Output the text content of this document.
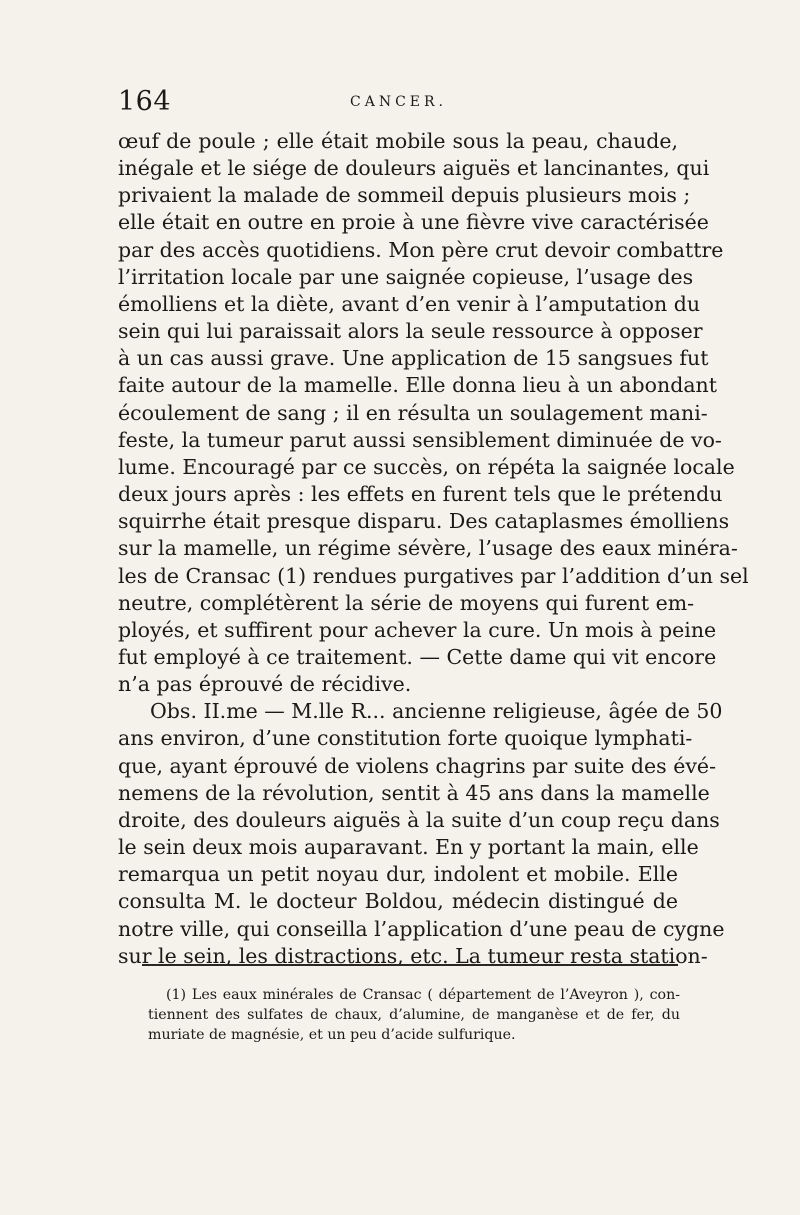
164	CANCER.
œuf de poule ; elle était mobile sous la peau, chaude,
inégale et le siége de douleurs aiguës et lancinantes, qui
privaient la malade de sommeil depuis plusieurs mois ;
elle était en outre en proie à une fièvre vive caractérisée
par des accès quotidiens. Mon père crut devoir combattre
l’irritation locale par une saignée copieuse, l’usage des
émolliens et la diète, avant d’en venir à l’amputation du
sein qui lui paraissait alors la seule ressource à opposer
à un cas aussi grave. Une application de 15 sangsues fut
faite autour de la mamelle. Elle donna lieu à un abondant
écoulement de sang ; il en résulta un soulagement mani-
feste, la tumeur parut aussi sensiblement diminuée de vo-
lume. Encouragé par ce succès, on répéta la saignée locale
deux jours après : les effets en furent tels que le prétendu
squirrhe était presque disparu. Des cataplasmes émolliens
sur la mamelle, un régime sévère, l’usage des eaux minéra-
les de Cransac (1) rendues purgatives par l’addition d’un sel
neutre, complétèrent la série de moyens qui furent em-
ployés, et suffirent pour achever la cure. Un mois à peine
fut employé à ce traitement. — Cette dame qui vit encore
n’a pas éprouvé de récidive.
Obs. II.me — M.lle R... ancienne religieuse, âgée de 50
ans environ, d’une constitution forte quoique lymphati-
que, ayant éprouvé de violens chagrins par suite des évé-
nemens de la révolution, sentit à 45 ans dans la mamelle
droite, des douleurs aiguës à la suite d’un coup reçu dans
le sein deux mois auparavant. En y portant la main, elle
remarqua un petit noyau dur, indolent et mobile. Elle
consulta M. le docteur Boldou, médecin distingué de
notre ville, qui conseilla l’application d’une peau de cygne
sur le sein, les distractions, etc. La tumeur resta station-
(1) Les eaux minérales de Cransac ( département de l’Aveyron ), con-
tiennent des sulfates de chaux, d’alumine, de manganèse et de fer, du
muriate de magnésie, et un peu d’acide sulfurique.
